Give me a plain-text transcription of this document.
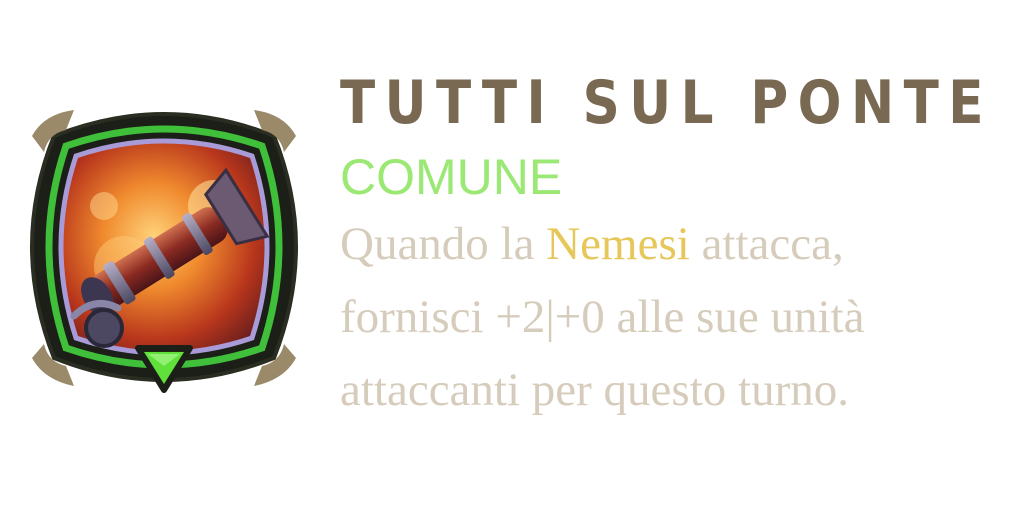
TUTTI SUL PONTE
COMUNE
Quando la Nemesi attacca,
fornisci +2|+0 alle sue unità
attaccanti per questo turno.
